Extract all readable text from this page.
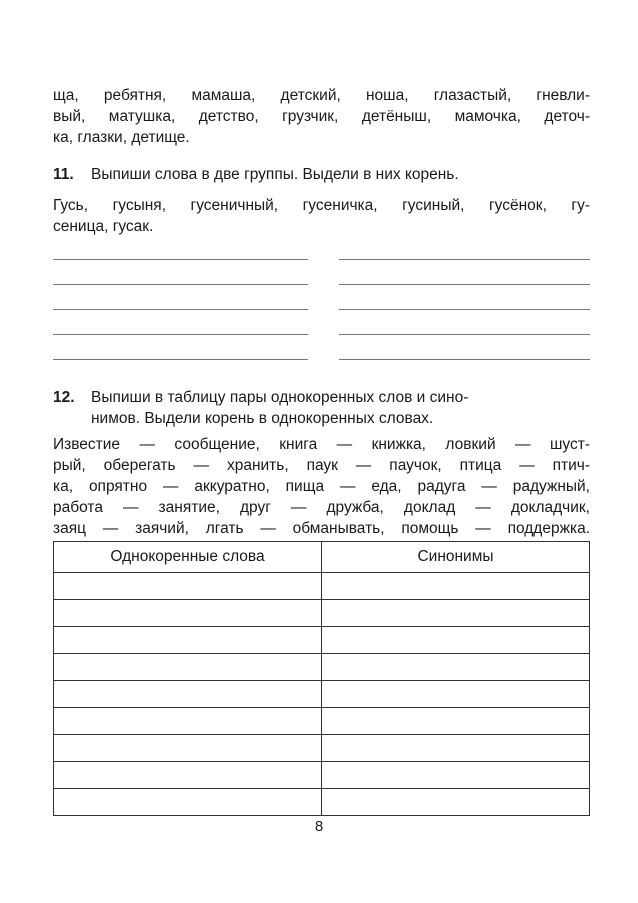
ща, ребятня, мамаша, детский, ноша, глазастый, гневли-
вый, матушка, детство, грузчик, детёныш, мамочка, деточ-
ка, глазки, детище.
11. Выпиши слова в две группы. Выдели в них корень.
Гусь, гусыня, гусеничный, гусеничка, гусиный, гусёнок, гу-
сеница, гусак.
12. Выпиши в таблицу пары однокоренных слов и сино-
нимов. Выдели корень в однокоренных словах.
Известие — сообщение, книга — книжка, ловкий — шуст-
рый, оберегать — хранить, паук — паучок, птица — птич-
ка, опрятно — аккуратно, пища — еда, радуга — радужный,
работа — занятие, друг — дружба, доклад — докладчик,
заяц — заячий, лгать — обманывать, помощь — поддержка.
Однокоренные слова	Синонимы

8
